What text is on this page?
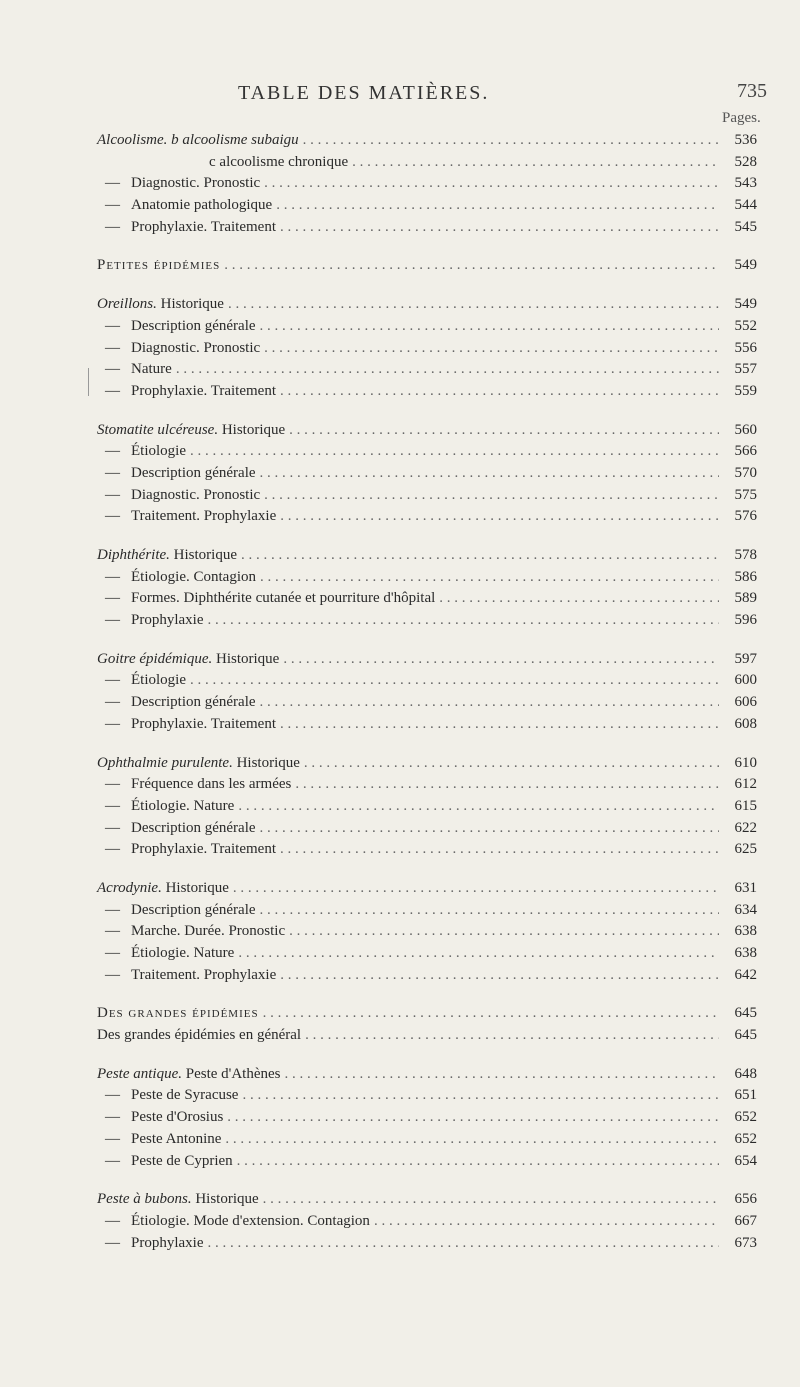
TABLE DES MATIÈRES.	735
Pages.
Alcoolisme. b alcoolisme subaigu . . .	536
c alcoolisme chronique . . .	528
— Diagnostic. Pronostic . . .	543
— Anatomie pathologique . . .	544
— Prophylaxie. Traitement . . .	545
Petites épidémies . . .	549
Oreillons. Historique . . .	549
— Description générale . . .	552
— Diagnostic. Pronostic . . .	556
— Nature . . .	557
— Prophylaxie. Traitement . . .	559
Stomatite ulcéreuse. Historique . . .	560
— Étiologie . . .	566
— Description générale . . .	570
— Diagnostic. Pronostic . . .	575
— Traitement. Prophylaxie . . .	576
Diphthérite. Historique . . .	578
— Étiologie. Contagion . . .	586
— Formes. Diphthérite cutanée et pourriture d'hôpital . . .	589
— Prophylaxie . . .	596
Goitre épidémique. Historique . . .	597
— Étiologie . . .	600
— Description générale . . .	606
— Prophylaxie. Traitement . . .	608
Ophthalmie purulente. Historique . . .	610
— Fréquence dans les armées . . .	612
— Étiologie. Nature . . .	615
— Description générale . . .	622
— Prophylaxie. Traitement . . .	625
Acrodynie. Historique . . .	631
— Description générale . . .	634
— Marche. Durée. Pronostic . . .	638
— Étiologie. Nature . . .	638
— Traitement. Prophylaxie . . .	642
Des grandes épidémies . . .	645
Des grandes épidémies en général . . .	645
Peste antique. Peste d'Athènes . . .	648
— Peste de Syracuse . . .	651
— Peste d'Orosius . . .	652
— Peste Antonine . . .	652
— Peste de Cyprien . . .	654
Peste à bubons. Historique . . .	656
— Étiologie. Mode d'extension. Contagion . . .	667
— Prophylaxie . . .	673
